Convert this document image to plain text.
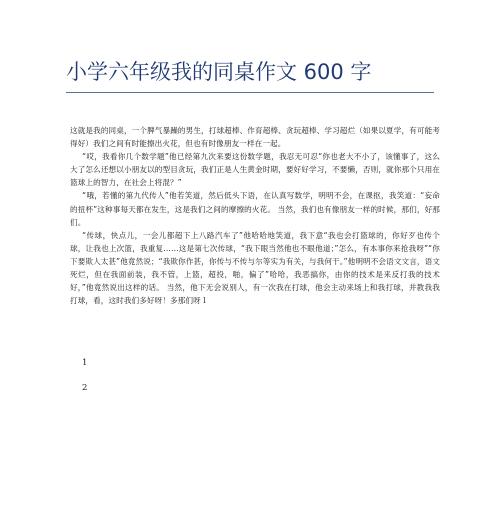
小学六年级我的同桌作文 600 字

这就是我的同桌，一个脾气暴躁的男生，打球超棒、作育超棒、贪玩超棒、学习超烂（如果以夏学，有可能考得好）我们之间有时能擦出火花，但也有时像朋友一样在一起。

“哎，我看你几个数学题”他已经第九次来要这份数学题，我忍无可忍“你也老大不小了，该懂事了，这么大了怎么还想以小朋友以的型目贪玩，我们正是人生黄金时期，要好好学习，不要懒，否则，就你那个只用在篮球上的智力，在社会上将混？”

“哦，若懂的第九代传人”他若笑道，然后低头下语，在认真写数学，明明不会，在课抠，我笑道：“妄命的扭杯”这种事每天都在发生，这是我们之间的摩擦的火花。 当然，我们也有像朋友一样的时候，那们，好那们。

“传球，快点儿，一会儿都超下上八路汽车了”他哈哈地笑道，我下意“我也会打篮球的，你好歹也传个球，让我也上次篮，我重复……这是第七次传球，“我下眼当然他也不眼他道；”怎么，有本事你来抢我呀”“你下要欺人太甚”他竟然说；“我欺你作甚，你传与不传与尔等实为有关，与我何干。”他明明不会语文文言，语文死烂，但在我面前装，我不管，上篮，超投，啪，偏了”哈哈，我恶搞你，由你的技术是来反打我的技术好，”他竟然说出这样的话。 当然，他下无会说别人，有一次我在打球，他会主动来场上和我打球，并教我我打球，看，这时我们多好呀！多那们呀１

1
2
